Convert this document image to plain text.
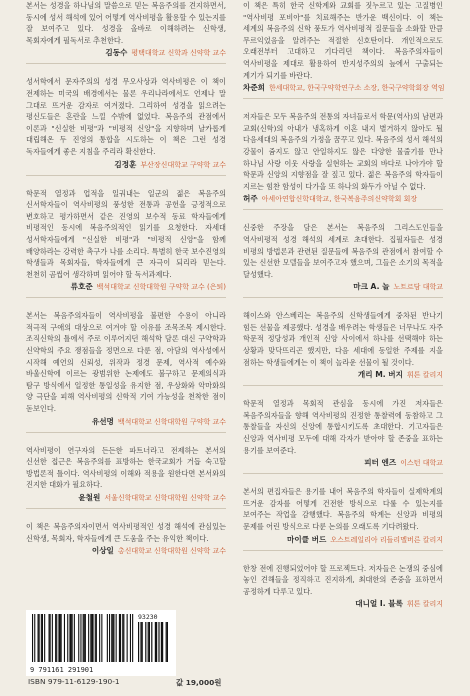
본서는 성경을 하나님의 말씀으로 믿는 복음주의를 견지하면서, 동시에 성서 해석에 있어 어떻게 역사비평을 활용할 수 있는지를 잘 보여주고 있다. 성경을 올바로 이해하려는 신학생, 목회자에게 필독서로 추천한다.

김동수 평택대학교 신학과 신약학 교수

성서학에서 문자주의의 성경 무오사상과 역사비평은 이 책이 전제하는 미국의 배경에서는 물론 우리나라에서도 언제나 말 그대로 뜨거운 감자로 여겨졌다. 그리하여 성경을 읽으려는 평신도들은 혼란을 느낄 수밖에 없었다. 복음주의 관점에서 이론과 "신실한 비평"과 "비평적 신앙"을 지향하며 날카롭게 대립해온 두 진영의 통합을 시도하는 이 책은 그런 성경 독자들에게 좋은 지침을 주리라 확신한다.

김정훈 부산장신대학교 구약학 교수

학문적 열정과 업적을 일궈내는 일군의 젊은 복음주의 신서학자들이 역사비평의 풍성한 전통과 공헌을 긍정적으로 변호하고 평가하면서 같은 진영의 보수적 동료 학자들에게 비평적인 동시에 복음주의적인 읽기를 요청한다. 자세대 성서학자들에게 "신실한 비평"과 "비평적 신앙"을 함께 배양하라는 강력한 촉구가 나를 소리다. 특별히 한국 보수진영의 학생들과 목회자들, 학자들에게 큰 자극이 되리라 믿는다. 천천히 곰씹어 생각하며 읽어야 할 독서과제다.

류호준 백석대학교 신학대학원 구약학 교수 (은퇴)

본서는 복음주의자들이 역사비평을 불편한 수용이 아니라 적극적 구애의 대상으로 여겨야 할 이유를 조목조목 제시한다. 조직신학의 틀에서 주로 이루어지던 해석학 담론 대신 구약학과 신약학의 주요 쟁점들을 정면으로 다룬 점, 아담의 역사성에서 시작해 예언의 신뢰성, 위작과 정경 문제, 역사적 예수와 바울신학에 이르는 광범위한 논제에도 불구하고 문제의식과 탐구 방식에서 일정한 통일성을 유지한 점, 우상화와 악마화의 양 극단을 피해 역사비평의 신학적 기여 가능성을 천착한 점이 돋보인다.

유선명 백석대학교 신학대학원 구약학 교수

역사비평이 연구자의 든든한 파트너라고 전제하는 본서의 신선한 접근은 복음주의를 표방하는 한국교회가 거듭 숙고할 방법론적 틀이다. 역사비평의 이해와 적용을 원한다면 본서와의 진지한 대화가 필요하다.

윤철원 서울신학대학교 신학대학원 신약학 교수

이 책은 복음주의자이면서 역사비평적인 성경 해석에 관심있는 신학생, 목회자, 학자들에게 큰 도움을 주는 유익한 책이다.

이상일 총신대학교 신학대학원 신약학 교수

이 책은 특히 한국 신학계와 교회를 짓누르고 있는 고질병인 "역사비평 포비아"를 치료해주는 반가운 백신이다. 이 책는 세계의 복음주의 신학 풍토가 역사비평적 질문들을 소화할 만큼 무르익었음을 알려주는 적절한 신호탄이다. 개인적으로도 오래전부터 고대하고 기다리던 책이다. 복음주의자들이 역사비평을 제대로 활용하여 반지성주의의 늪에서 구출되는 계기가 되기를 바란다.

차준희 한세대학교, 한국구약학연구소 소장, 한국구약학회장 역임

저자들은 모두 복음주의 전통의 자녀들로서 학문(역사)의 남편과 교회(신학)의 아내가 냉혹하게 이혼 내지 별거하지 않아도 될 다음세대의 복음주의 가정을 꿈꾸고 있다. 복음주의 성서 해석의 강물이 쥼지도 않고 안일하지도 않은 다양한 물줄기를 만나 하나님 사랑 이웃 사랑을 실현하는 교회의 바다로 나아가야 할 학문과 신앙의 지향점을 잘 짚고 있다. 젊은 복음주의 학자들이 지르는 힘찬 함성이 다가을 또 하나의 화두가 아닐 수 없다.

허주 아세아연합신학대학교, 한국복음주의신약학회 회장

신중한 주장을 담은 본서는 복음주의 그리스도인들을 역사비평적 성경 해석의 세계로 초대한다. 집필자들은 성경 비평의 방법론과 관련된 질문들에 복음주의 관점에서 참여할 수 있는 신선한 모델들을 보여주고자 했으며, 그들은 소기의 목적을 달성했다.

마크 A. 놀 노트르담 대학교

해이스와 안스베리는 복음주의 신학생들에게 중차된 반나기 힘든 선물을 제공했다. 성경을 배우려는 학생들은 너무나도 자주 학문적 정당성과 개인적 신앙 사이에서 하나를 선택해야 하는 상황과 맞닥뜨리곤 했지만, 다음 세대에 동일한 주제를 지을 점하는 학생들에게는 이 책이 놀라운 선물이 될 것이다.

개리 M. 버지 휘튼 칼리지

학문적 열정과 목회적 관심을 동시에 가진 저자들은 복음주의자들을 향해 역사비평의 진정한 통찰력에 동참하고 그 통찰들을 자신의 신앙에 통합시키도록 초대한다. 기고자들은 신앙과 역사비평 모두에 대해 각자가 받아야 할 존중을 표하는 용기를 보여준다.

피터 엔즈 이스턴 대학교

본서의 편집자들은 용기를 내어 복음주의 학자들이 실제학계의 뜨거운 감자를 어떻게 건전한 방식으로 다룰 수 있는지를 보여주는 작업을 감행했다. 복음주의 학계는 신앙과 비평의 문제를 어린 방식으로 다룬 논의를 오래도록 기다려왔다.

마이클 버드 오스트레일리아 리들리멜버른 칼리지

한창 전에 진행되었어야 할 프로젝트다. 저자들은 논쟁의 중심에 놓인 견해들을 정직하고 진지하게, 최대한의 존중을 표하면서 공정하게 다루고 있다.

대니얼 I. 블록 휘튼 칼리지

9 791161 291901
93230
ISBN 979-11-6129-190-1	값 19,000원
